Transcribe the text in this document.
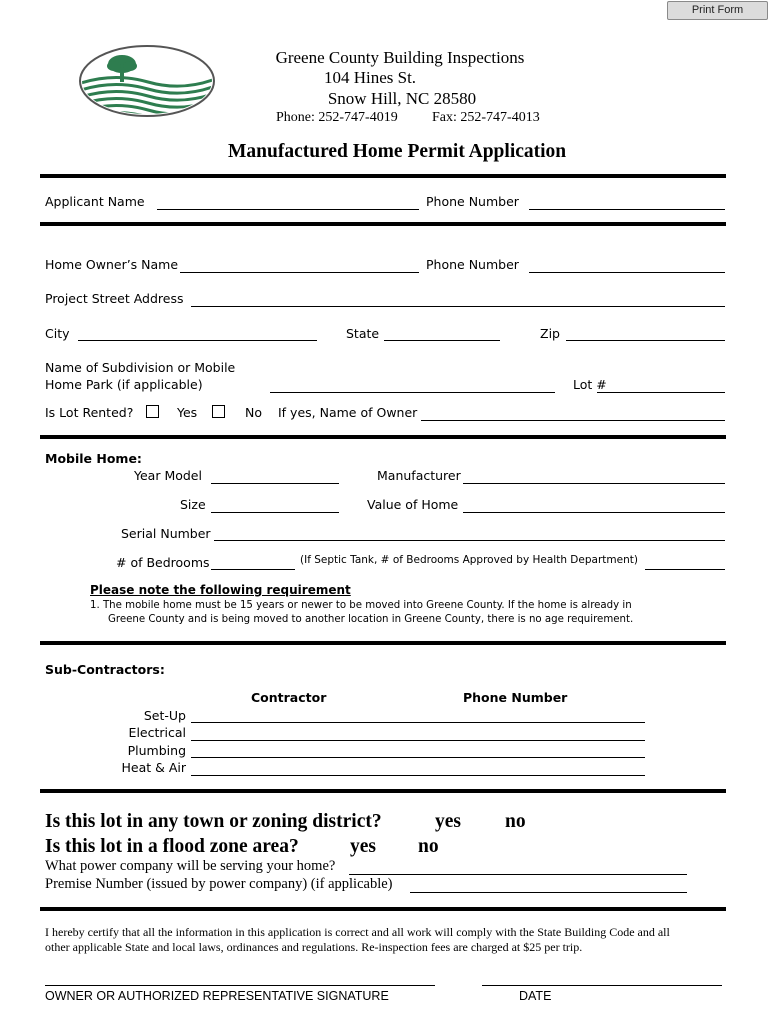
Print Form
Greene County Building Inspections
104 Hines St.
Snow Hill, NC 28580
Phone: 252-747-4019 Fax: 252-747-4013
Manufactured Home Permit Application
Applicant Name	Phone Number
Home Owner’s Name	Phone Number
Project Street Address
City	State	Zip
Name of Subdivision or Mobile
Home Park (if applicable)	Lot #
Is Lot Rented?	Yes	No If yes, Name of Owner
Mobile Home:
Year Model	Manufacturer
Size	Value of Home
Serial Number
# of Bedrooms	(If Septic Tank, # of Bedrooms Approved by Health Department)
Please note the following requirement
1. The mobile home must be 15 years or newer to be moved into Greene County. If the home is already in
Greene County and is being moved to another location in Greene County, there is no age requirement.
Sub-Contractors:
Contractor	Phone Number
Set-Up
Electrical
Plumbing
Heat & Air
Is this lot in any town or zoning district?	yes no
Is this lot in a flood zone area?	yes no
What power company will be serving your home?
Premise Number (issued by power company) (if applicable)
I hereby certify that all the information in this application is correct and all work will comply with the State Building Code and all
other applicable State and local laws, ordinances and regulations. Re-inspection fees are charged at $25 per trip.
OWNER OR AUTHORIZED REPRESENTATIVE SIGNATURE	DATE
